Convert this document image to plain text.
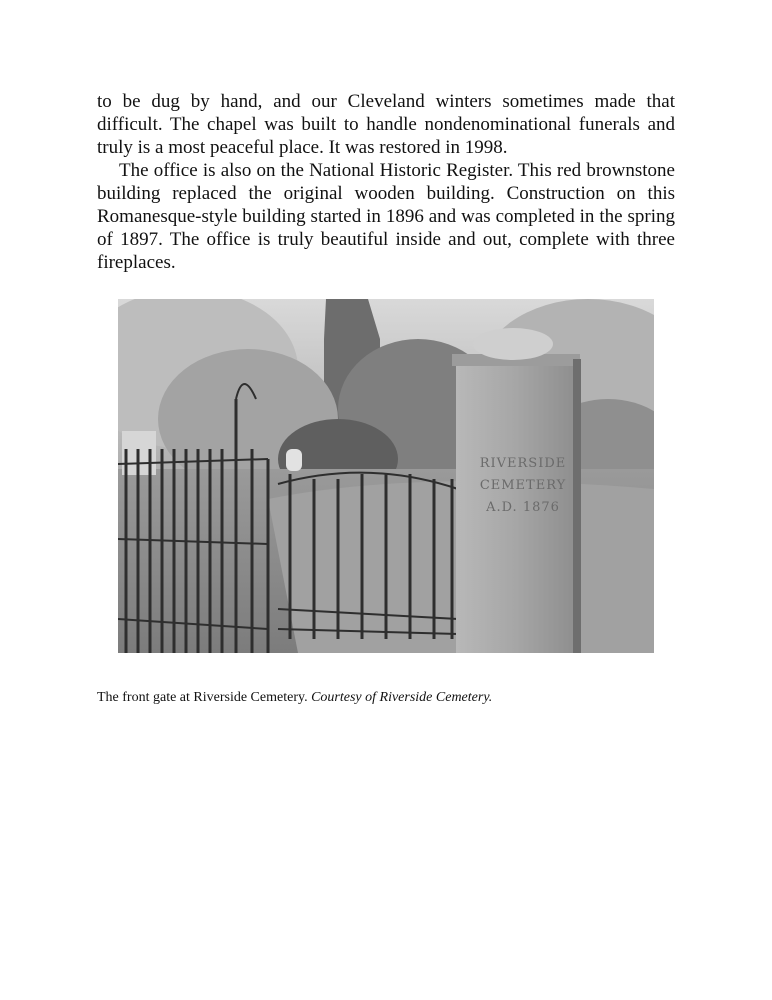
to be dug by hand, and our Cleveland winters sometimes made that difficult. The chapel was built to handle nondenominational funerals and truly is a most peaceful place. It was restored in 1998.

The office is also on the National Historic Register. This red brownstone building replaced the original wooden building. Construction on this Romanesque-style building started in 1896 and was completed in the spring of 1897. The office is truly beautiful inside and out, complete with three fireplaces.

RIVERSIDE
CEMETERY
A.D. 1876

The front gate at Riverside Cemetery. Courtesy of Riverside Cemetery.
